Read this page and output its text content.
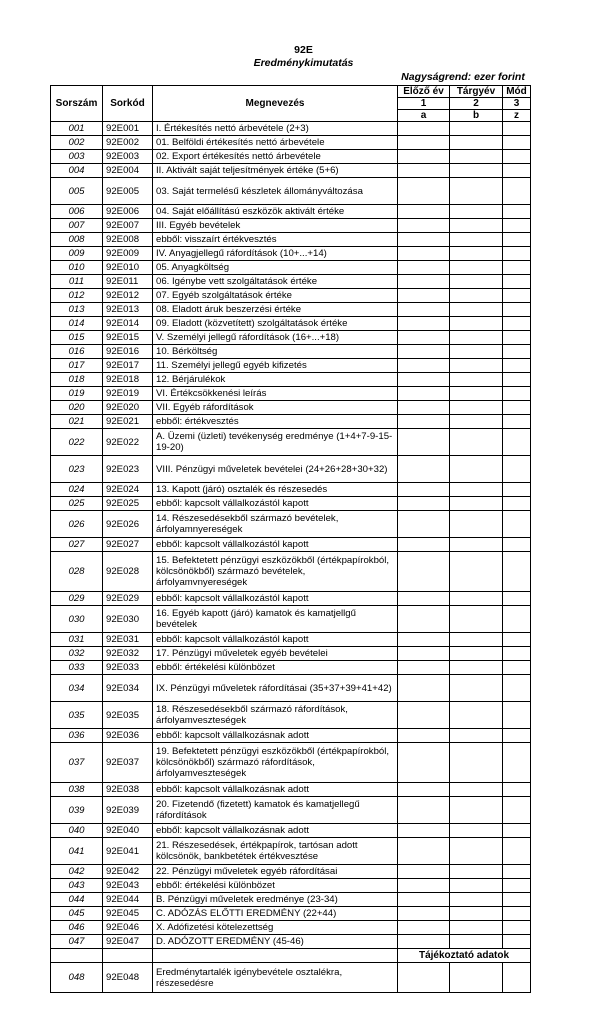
92E
Eredménykimutatás
Nagyságrend: ezer forint
Sorszám	Sorkód	Megnevezés	Előző év	Tárgyév	Mód
			1	2	3
			a	b	z
001	92E001	I. Értékesítés nettó árbevétele (2+3)			
002	92E002	01. Belföldi értékesítés nettó árbevétele			
003	92E003	02. Export értékesítés nettó árbevétele			
004	92E004	II. Aktivált saját teljesítmények értéke (5+6)			
005	92E005	03. Saját termelésű készletek állományváltozása			
006	92E006	04. Saját előállítású eszközök aktivált értéke			
007	92E007	III. Egyéb bevételek			
008	92E008	ebből: visszaírt értékvesztés			
009	92E009	IV. Anyagjellegű ráfordítások (10+...+14)			
010	92E010	05. Anyagköltség			
011	92E011	06. Igénybe vett szolgáltatások értéke			
012	92E012	07. Egyéb szolgáltatások értéke			
013	92E013	08. Eladott áruk beszerzési értéke			
014	92E014	09. Eladott (közvetített) szolgáltatások értéke			
015	92E015	V. Személyi jellegű ráfordítások (16+...+18)			
016	92E016	10. Bérköltség			
017	92E017	11. Személyi jellegű egyéb kifizetés			
018	92E018	12. Bérjárulékok			
019	92E019	VI. Értékcsökkenési leírás			
020	92E020	VII. Egyéb ráfordítások			
021	92E021	ebből: értékvesztés			
022	92E022	A. Üzemi (üzleti) tevékenység eredménye (1+4+7-9-15-19-20)			
023	92E023	VIII. Pénzügyi műveletek bevételei (24+26+28+30+32)			
024	92E024	13. Kapott (járó) osztalék és részesedés			
025	92E025	ebből: kapcsolt vállalkozástól kapott			
026	92E026	14. Részesedésekből származó bevételek, árfolyamnyereségek			
027	92E027	ebből: kapcsolt vállalkozástól kapott			
028	92E028	15. Befektetett pénzügyi eszközökből (értékpapírokból, kölcsönökből) származó bevételek, árfolyamvnyereségek			
029	92E029	ebből: kapcsolt vállalkozástól kapott			
030	92E030	16. Egyéb kapott (járó) kamatok és kamatjellgű bevételek			
031	92E031	ebből: kapcsolt vállalkozástól kapott			
032	92E032	17. Pénzügyi műveletek egyéb bevételei			
033	92E033	ebből: értékelési különbözet			
034	92E034	IX. Pénzügyi műveletek ráfordításai (35+37+39+41+42)			
035	92E035	18. Részesedésekből származó ráfordítások, árfolyamveszteségek			
036	92E036	ebből: kapcsolt vállalkozásnak adott			
037	92E037	19. Befektetett pénzügyi eszközökből (értékpapírokból, kölcsönökből) származó ráfordítások, árfolyamveszteségek			
038	92E038	ebből: kapcsolt vállalkozásnak adott			
039	92E039	20. Fizetendő (fizetett) kamatok és kamatjellegű ráfordítások			
040	92E040	ebből: kapcsolt vállalkozásnak adott			
041	92E041	21. Részesedések, értékpapírok, tartósan adott kölcsönök, bankbetétek értékvesztése			
042	92E042	22. Pénzügyi műveletek egyéb ráfordításai			
043	92E043	ebből: értékelési különbözet			
044	92E044	B. Pénzügyi műveletek eredménye (23-34)			
045	92E045	C. ADÓZÁS ELŐTTI EREDMÉNY (22+44)			
046	92E046	X. Adófizetési kötelezettség			
047	92E047	D. ADÓZOTT EREDMÉNY (45-46)			
			Tájékoztató adatok		
048	92E048	Eredménytartalék igénybevétele osztalékra, részesedésre			
